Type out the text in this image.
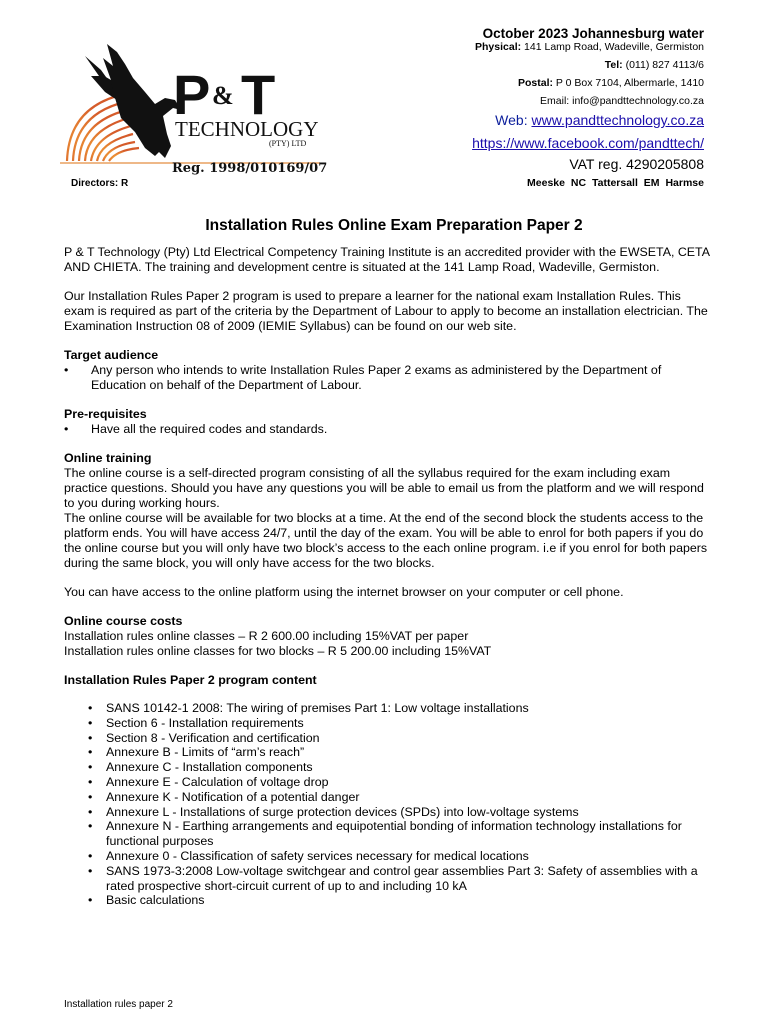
P & T
TECHNOLOGY
(PTY) LTD
Reg. 1998/010169/07
Directors: R
October 2023 Johannesburg water
Physical: 141 Lamp Road, Wadeville, Germiston
Tel: (011) 827 4113/6
Postal: P 0 Box 7104, Albermarle, 1410
Email: info@pandttechnology.co.za
Web: www.pandttechnology.co.za
https://www.facebook.com/pandttech/
VAT reg. 4290205808
Meeske NC Tattersall EM Harmse
Installation Rules Online Exam Preparation Paper 2

P & T Technology (Pty) Ltd Electrical Competency Training Institute is an accredited provider with the EWSETA, CETA AND CHIETA. The training and development centre is situated at the 141 Lamp Road, Wadeville, Germiston.

Our Installation Rules Paper 2 program is used to prepare a learner for the national exam Installation Rules. This exam is required as part of the criteria by the Department of Labour to apply to become an installation electrician. The Examination Instruction 08 of 2009 (IEMIE Syllabus) can be found on our web site.

Target audience
• Any person who intends to write Installation Rules Paper 2 exams as administered by the Department of Education on behalf of the Department of Labour.
Pre-requisites
• Have all the required codes and standards.
Online training
The online course is a self-directed program consisting of all the syllabus required for the exam including exam practice questions. Should you have any questions you will be able to email us from the platform and we will respond to you during working hours.
The online course will be available for two blocks at a time. At the end of the second block the students access to the platform ends. You will have access 24/7, until the day of the exam. You will be able to enrol for both papers if you do the online course but you will only have two block’s access to the each online program. i.e if you enrol for both papers during the same block, you will only have access for the two blocks.

You can have access to the online platform using the internet browser on your computer or cell phone.

Online course costs
Installation rules online classes – R 2 600.00 including 15%VAT per paper
Installation rules online classes for two blocks – R 5 200.00 including 15%VAT
Installation Rules Paper 2 program content
• SANS 10142-1 2008: The wiring of premises Part 1: Low voltage installations
• Section 6 - Installation requirements
• Section 8 - Verification and certification
• Annexure B - Limits of “arm’s reach”
• Annexure C - Installation components
• Annexure E - Calculation of voltage drop
• Annexure K - Notification of a potential danger
• Annexure L - Installations of surge protection devices (SPDs) into low-voltage systems
• Annexure N - Earthing arrangements and equipotential bonding of information technology installations for functional purposes
• Annexure 0 - Classification of safety services necessary for medical locations
• SANS 1973-3:2008 Low-voltage switchgear and control gear assemblies Part 3: Safety of assemblies with a rated prospective short-circuit current of up to and including 10 kA
• Basic calculations
Installation rules paper 2
